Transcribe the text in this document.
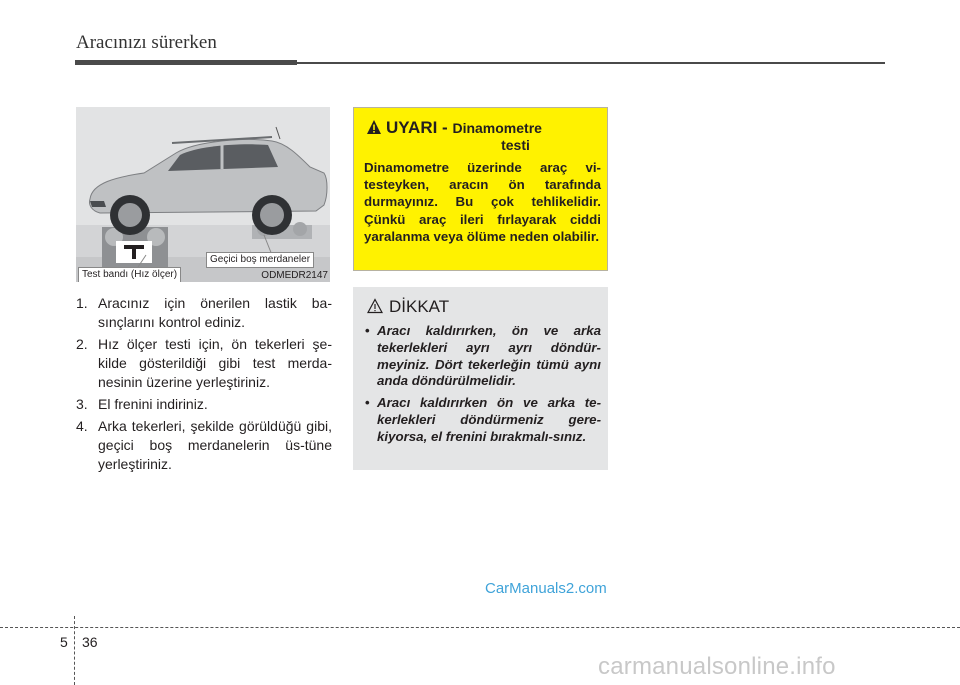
Aracınızı sürerken
Geçici boş merdaneler
Test bandı (Hız ölçer)	ODMEDR2147
1. Aracınız için önerilen lastik ba-sınçlarını kontrol ediniz.
2. Hız ölçer testi için, ön tekerleri şe-kilde gösterildiği gibi test merda-nesinin üzerine yerleştiriniz.
3. El frenini indiriniz.
4. Arka tekerleri, şekilde görüldüğü gibi, geçici boş merdanelerin üs-tüne yerleştiriniz.
UYARI - Dinamometre
testi
Dinamometre üzerinde araç vi-testeyken, aracın ön tarafında durmayınız. Bu çok tehlikelidir. Çünkü araç ileri fırlayarak ciddi yaralanma veya ölüme neden olabilir.
DİKKAT
• Aracı kaldırırken, ön ve arka tekerlekleri ayrı ayrı döndür-meyiniz. Dört tekerleğin tümü aynı anda döndürülmelidir.
• Aracı kaldırırken ön ve arka te-kerlekleri döndürmeniz gere-kiyorsa, el frenini bırakmalı-sınız.
CarManuals2.com
5 36
carmanualsonline.info
